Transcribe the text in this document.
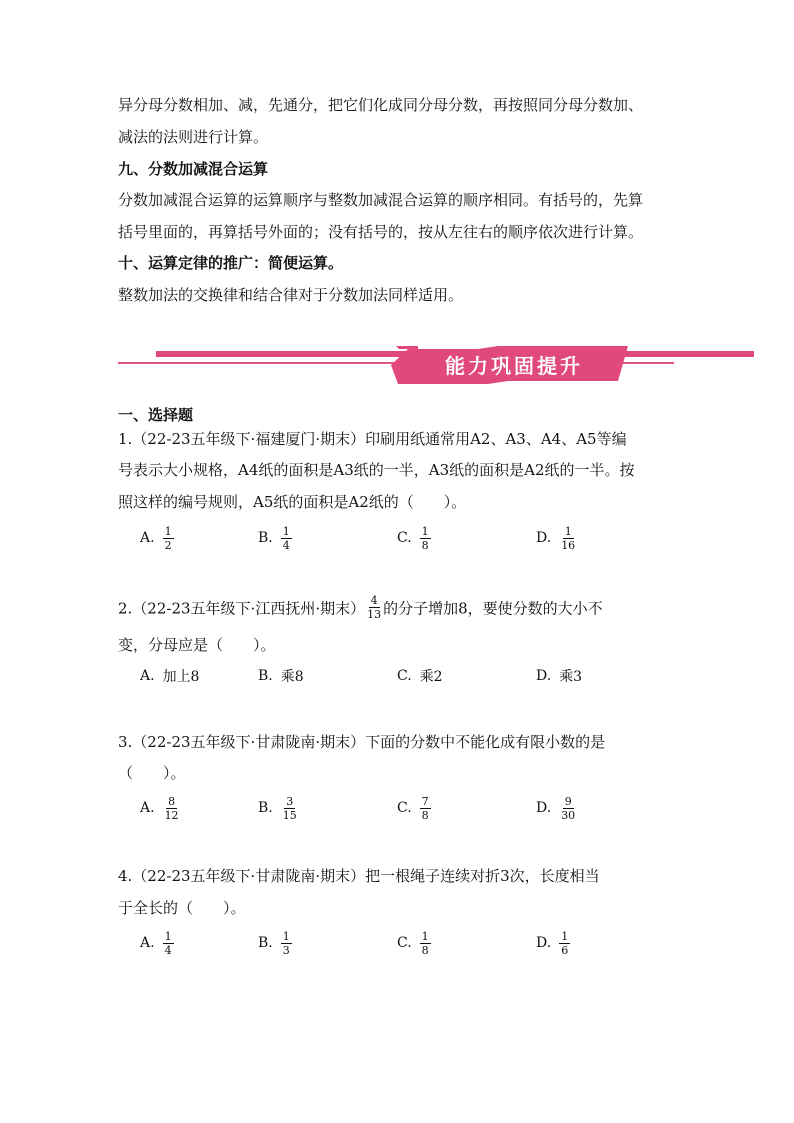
异分母分数相加、减，先通分，把它们化成同分母分数，再按照同分母分数加、
减法的法则进行计算。
九、分数加减混合运算
分数加减混合运算的运算顺序与整数加减混合运算的顺序相同。有括号的，先算
括号里面的，再算括号外面的；没有括号的，按从左往右的顺序依次进行计算。
十、运算定律的推广：简便运算。
整数加法的交换律和结合律对于分数加法同样适用。
能力巩固提升
一、选择题
1.（22-23五年级下·福建厦门·期末）印刷用纸通常用A2、A3、A4、A5等编
号表示大小规格，A4纸的面积是A3纸的一半，A3纸的面积是A2纸的一半。按
照这样的编号规则，A5纸的面积是A2纸的（　　）。
A. $\frac{1}{2}$	B. $\frac{1}{4}$	C. $\frac{1}{8}$	D. $\frac{1}{16}$
2.（22-23五年级下·江西抚州·期末） $\frac{4}{13}$ 的分子增加8，要使分数的大小不
变，分母应是（　　）。
A. 加上8	B. 乘8	C. 乘2	D. 乘3
3.（22-23五年级下·甘肃陇南·期末）下面的分数中不能化成有限小数的是
（　　）。
A. $\frac{8}{12}$	B. $\frac{3}{15}$	C. $\frac{7}{8}$	D. $\frac{9}{30}$
4.（22-23五年级下·甘肃陇南·期末）把一根绳子连续对折3次，长度相当
于全长的（　　）。
A. $\frac{1}{4}$	B. $\frac{1}{3}$	C. $\frac{1}{8}$	D. $\frac{1}{6}$
